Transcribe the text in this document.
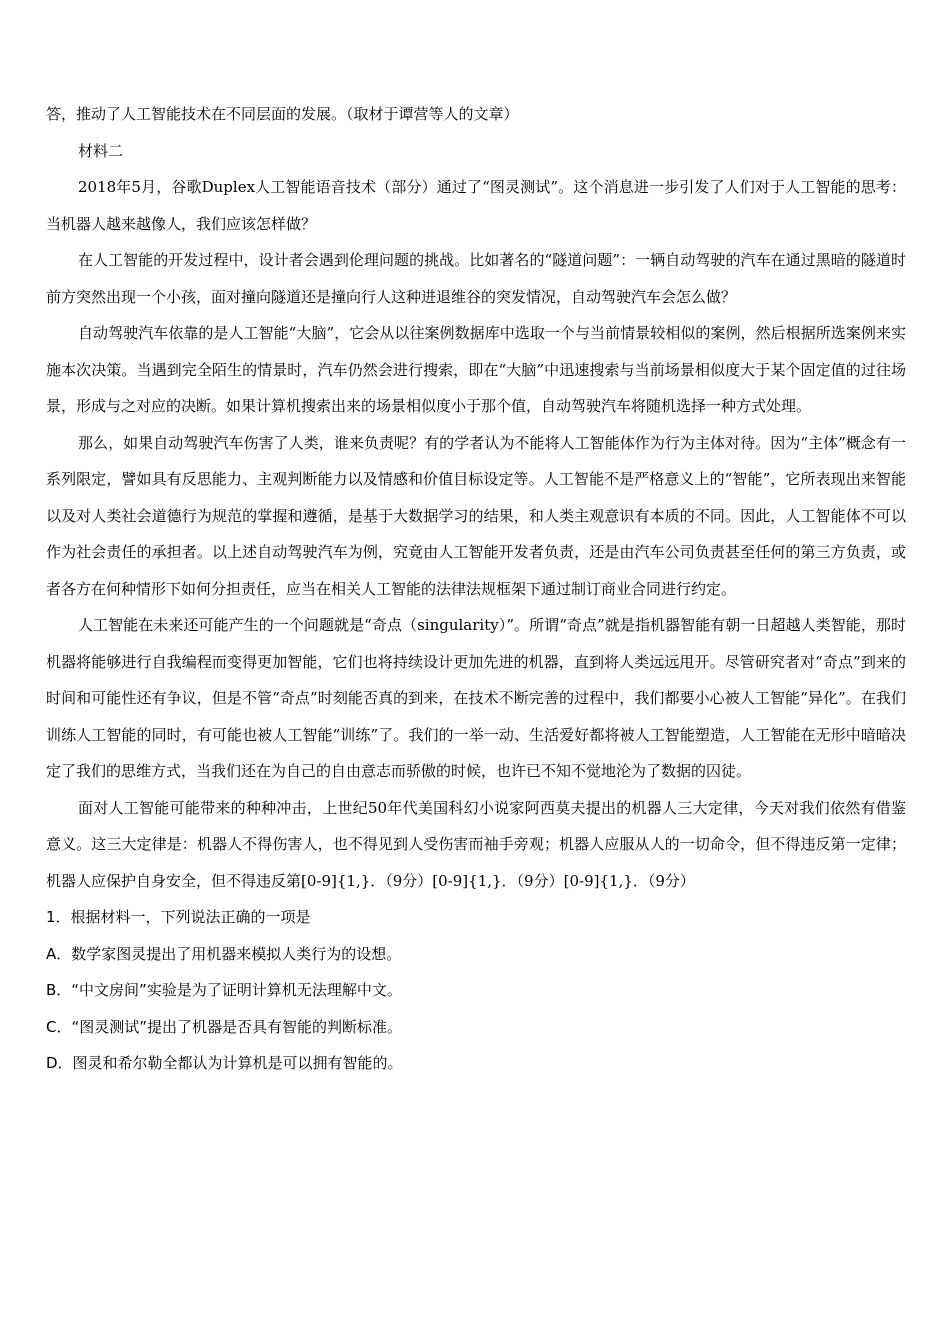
答，推动了人工智能技术在不同层面的发展。（取材于谭营等人的文章）

材料二

2018年5月，谷歌Duplex人工智能语音技术（部分）通过了“图灵测试”。这个消息进一步引发了人们对于人工智能的思考：当机器人越来越像人，我们应该怎样做？

在人工智能的开发过程中，设计者会遇到伦理问题的挑战。比如著名的“隧道问题”：一辆自动驾驶的汽车在通过黑暗的隧道时前方突然出现一个小孩，面对撞向隧道还是撞向行人这种进退维谷的突发情况，自动驾驶汽车会怎么做？

自动驾驶汽车依靠的是人工智能“大脑”，它会从以往案例数据库中选取一个与当前情景较相似的案例，然后根据所选案例来实施本次决策。当遇到完全陌生的情景时，汽车仍然会进行搜索，即在“大脑”中迅速搜索与当前场景相似度大于某个固定值的过往场景，形成与之对应的决断。如果计算机搜索出来的场景相似度小于那个值，自动驾驶汽车将随机选择一种方式处理。

那么，如果自动驾驶汽车伤害了人类，谁来负责呢？有的学者认为不能将人工智能体作为行为主体对待。因为“主体”概念有一系列限定，譬如具有反思能力、主观判断能力以及情感和价值目标设定等。人工智能不是严格意义上的“智能”，它所表现出来智能以及对人类社会道德行为规范的掌握和遵循，是基于大数据学习的结果，和人类主观意识有本质的不同。因此，人工智能体不可以作为社会责任的承担者。以上述自动驾驶汽车为例，究竟由人工智能开发者负责，还是由汽车公司负责甚至任何的第三方负责，或者各方在何种情形下如何分担责任，应当在相关人工智能的法律法规框架下通过制订商业合同进行约定。

人工智能在未来还可能产生的一个问题就是“奇点（singularity）”。所谓“奇点”就是指机器智能有朝一日超越人类智能，那时机器将能够进行自我编程而变得更加智能，它们也将持续设计更加先进的机器，直到将人类远远甩开。尽管研究者对“奇点”到来的时间和可能性还有争议，但是不管“奇点”时刻能否真的到来，在技术不断完善的过程中，我们都要小心被人工智能“异化”。在我们训练人工智能的同时，有可能也被人工智能“训练”了。我们的一举一动、生活爱好都将被人工智能塑造，人工智能在无形中暗暗决定了我们的思维方式，当我们还在为自己的自由意志而骄傲的时候，也许已不知不觉地沦为了数据的囚徒。

面对人工智能可能带来的种种冲击，上世纪50年代美国科幻小说家阿西莫夫提出的机器人三大定律，今天对我们依然有借鉴意义。这三大定律是：机器人不得伤害人，也不得见到人受伤害而袖手旁观；机器人应服从人的一切命令，但不得违反第一定律；机器人应保护自身安全，但不得违反第[0-9]{1,}．（9分）[0-9]{1,}．（9分）[0-9]{1,}．（9分）

1．根据材料一，下列说法正确的一项是

A．数学家图灵提出了用机器来模拟人类行为的设想。

B．“中文房间”实验是为了证明计算机无法理解中文。

C．“图灵测试”提出了机器是否具有智能的判断标准。

D．图灵和希尔勒全都认为计算机是可以拥有智能的。
